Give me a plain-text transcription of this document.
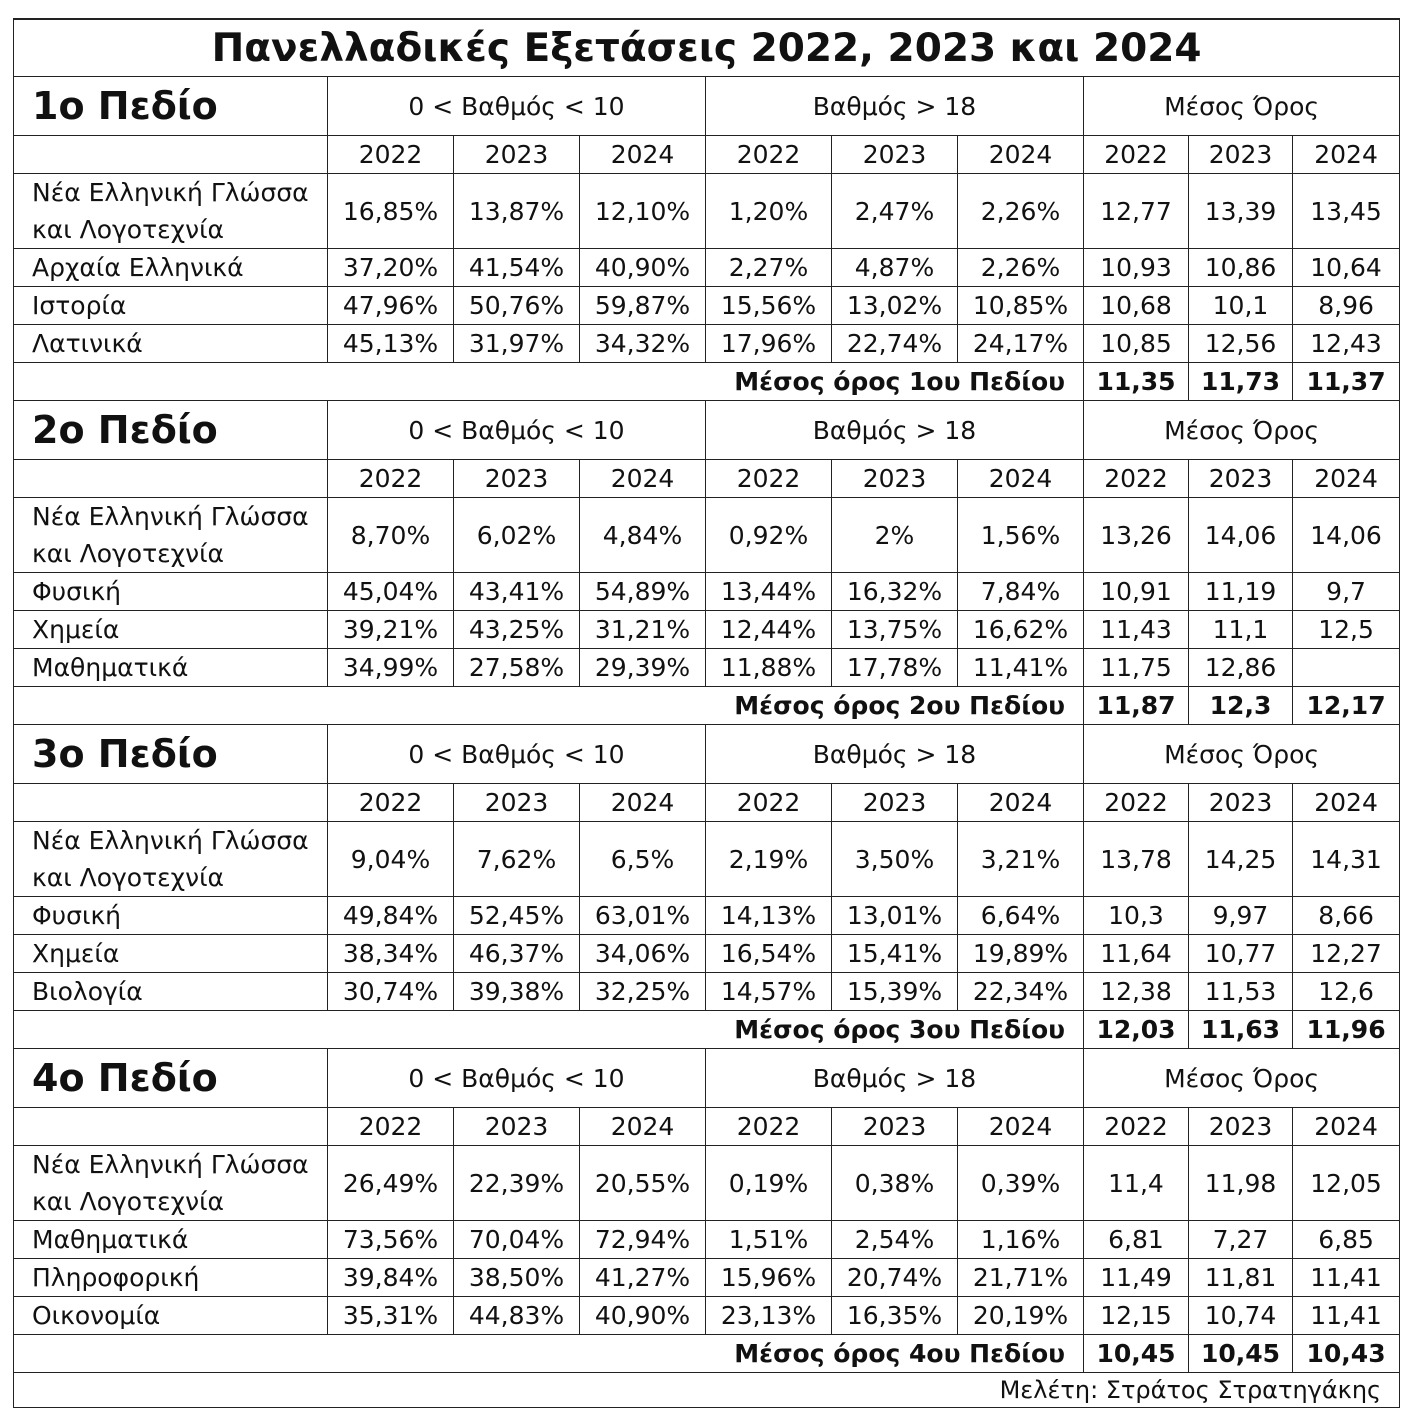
Πανελλαδικές Εξετάσεις 2022, 2023 και 2024									
1ο Πεδίο	0 < Βαθμός < 10			Βαθμός > 18			Μέσος Όρος		
	2022	2023	2024	2022	2023	2024	2022	2023	2024
Νέα Ελληνική Γλώσσα και Λογοτεχνία	16,85%	13,87%	12,10%	1,20%	2,47%	2,26%	12,77	13,39	13,45
Αρχαία Ελληνικά	37,20%	41,54%	40,90%	2,27%	4,87%	2,26%	10,93	10,86	10,64
Ιστορία	47,96%	50,76%	59,87%	15,56%	13,02%	10,85%	10,68	10,1	8,96
Λατινικά	45,13%	31,97%	34,32%	17,96%	22,74%	24,17%	10,85	12,56	12,43
Μέσος όρος 1ου Πεδίου							11,35	11,73	11,37
2ο Πεδίο	0 < Βαθμός < 10			Βαθμός > 18			Μέσος Όρος		
	2022	2023	2024	2022	2023	2024	2022	2023	2024
Νέα Ελληνική Γλώσσα και Λογοτεχνία	8,70%	6,02%	4,84%	0,92%	2%	1,56%	13,26	14,06	14,06
Φυσική	45,04%	43,41%	54,89%	13,44%	16,32%	7,84%	10,91	11,19	9,7
Χημεία	39,21%	43,25%	31,21%	12,44%	13,75%	16,62%	11,43	11,1	12,5
Μαθηματικά	34,99%	27,58%	29,39%	11,88%	17,78%	11,41%	11,75	12,86	
Μέσος όρος 2ου Πεδίου							11,87	12,3	12,17
3ο Πεδίο	0 < Βαθμός < 10			Βαθμός > 18			Μέσος Όρος		
	2022	2023	2024	2022	2023	2024	2022	2023	2024
Νέα Ελληνική Γλώσσα και Λογοτεχνία	9,04%	7,62%	6,5%	2,19%	3,50%	3,21%	13,78	14,25	14,31
Φυσική	49,84%	52,45%	63,01%	14,13%	13,01%	6,64%	10,3	9,97	8,66
Χημεία	38,34%	46,37%	34,06%	16,54%	15,41%	19,89%	11,64	10,77	12,27
Βιολογία	30,74%	39,38%	32,25%	14,57%	15,39%	22,34%	12,38	11,53	12,6
Μέσος όρος 3ου Πεδίου							12,03	11,63	11,96
4ο Πεδίο	0 < Βαθμός < 10			Βαθμός > 18			Μέσος Όρος		
	2022	2023	2024	2022	2023	2024	2022	2023	2024
Νέα Ελληνική Γλώσσα και Λογοτεχνία	26,49%	22,39%	20,55%	0,19%	0,38%	0,39%	11,4	11,98	12,05
Μαθηματικά	73,56%	70,04%	72,94%	1,51%	2,54%	1,16%	6,81	7,27	6,85
Πληροφορική	39,84%	38,50%	41,27%	15,96%	20,74%	21,71%	11,49	11,81	11,41
Οικονομία	35,31%	44,83%	40,90%	23,13%	16,35%	20,19%	12,15	10,74	11,41
Μέσος όρος 4ου Πεδίου							10,45	10,45	10,43
Μελέτη: Στράτος Στρατηγάκης									
